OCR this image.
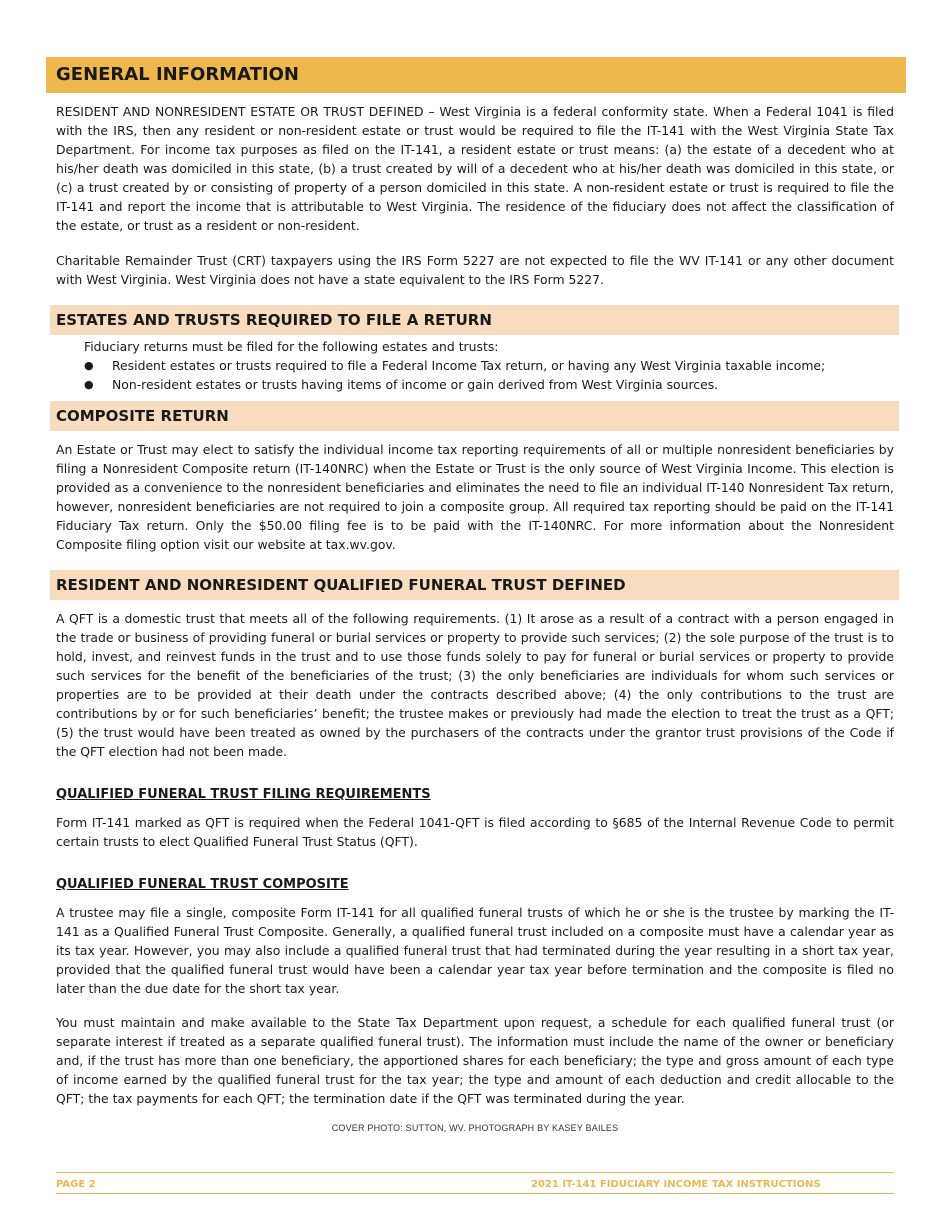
GENERAL INFORMATION

RESIDENT AND NONRESIDENT ESTATE OR TRUST DEFINED – West Virginia is a federal conformity state. When a Federal 1041 is filed with the IRS, then any resident or non-resident estate or trust would be required to file the IT-141 with the West Virginia State Tax Department. For income tax purposes as filed on the IT-141, a resident estate or trust means: (a) the estate of a decedent who at his/her death was domiciled in this state, (b) a trust created by will of a decedent who at his/her death was domiciled in this state, or (c) a trust created by or consisting of property of a person domiciled in this state. A non-resident estate or trust is required to file the IT-141 and report the income that is attributable to West Virginia. The residence of the fiduciary does not affect the classification of the estate, or trust as a resident or non-resident.

Charitable Remainder Trust (CRT) taxpayers using the IRS Form 5227 are not expected to file the WV IT-141 or any other document with West Virginia. West Virginia does not have a state equivalent to the IRS Form 5227.

ESTATES AND TRUSTS REQUIRED TO FILE A RETURN

Fiduciary returns must be filed for the following estates and trusts:

● Resident estates or trusts required to file a Federal Income Tax return, or having any West Virginia taxable income;
● Non-resident estates or trusts having items of income or gain derived from West Virginia sources.
COMPOSITE RETURN

An Estate or Trust may elect to satisfy the individual income tax reporting requirements of all or multiple nonresident beneficiaries by filing a Nonresident Composite return (IT-140NRC) when the Estate or Trust is the only source of West Virginia Income. This election is provided as a convenience to the nonresident beneficiaries and eliminates the need to file an individual IT-140 Nonresident Tax return, however, nonresident beneficiaries are not required to join a composite group. All required tax reporting should be paid on the IT-141 Fiduciary Tax return. Only the $50.00 filing fee is to be paid with the IT-140NRC. For more information about the Nonresident Composite filing option visit our website at tax.wv.gov.

RESIDENT AND NONRESIDENT QUALIFIED FUNERAL TRUST DEFINED

A QFT is a domestic trust that meets all of the following requirements. (1) It arose as a result of a contract with a person engaged in the trade or business of providing funeral or burial services or property to provide such services; (2) the sole purpose of the trust is to hold, invest, and reinvest funds in the trust and to use those funds solely to pay for funeral or burial services or property to provide such services for the benefit of the beneficiaries of the trust; (3) the only beneficiaries are individuals for whom such services or properties are to be provided at their death under the contracts described above; (4) the only contributions to the trust are contributions by or for such beneficiaries’ benefit; the trustee makes or previously had made the election to treat the trust as a QFT; (5) the trust would have been treated as owned by the purchasers of the contracts under the grantor trust provisions of the Code if the QFT election had not been made.

QUALIFIED FUNERAL TRUST FILING REQUIREMENTS

Form IT-141 marked as QFT is required when the Federal 1041-QFT is filed according to §685 of the Internal Revenue Code to permit certain trusts to elect Qualified Funeral Trust Status (QFT).

QUALIFIED FUNERAL TRUST COMPOSITE

A trustee may file a single, composite Form IT-141 for all qualified funeral trusts of which he or she is the trustee by marking the IT-141 as a Qualified Funeral Trust Composite. Generally, a qualified funeral trust included on a composite must have a calendar year as its tax year. However, you may also include a qualified funeral trust that had terminated during the year resulting in a short tax year, provided that the qualified funeral trust would have been a calendar year tax year before termination and the composite is filed no later than the due date for the short tax year.

You must maintain and make available to the State Tax Department upon request, a schedule for each qualified funeral trust (or separate interest if treated as a separate qualified funeral trust). The information must include the name of the owner or beneficiary and, if the trust has more than one beneficiary, the apportioned shares for each beneficiary; the type and gross amount of each type of income earned by the qualified funeral trust for the tax year; the type and amount of each deduction and credit allocable to the QFT; the tax payments for each QFT; the termination date if the QFT was terminated during the year.

COVER PHOTO: SUTTON, WV. PHOTOGRAPH BY KASEY BAILES
PAGE 2	2021 IT-141 FIDUCIARY INCOME TAX INSTRUCTIONS
